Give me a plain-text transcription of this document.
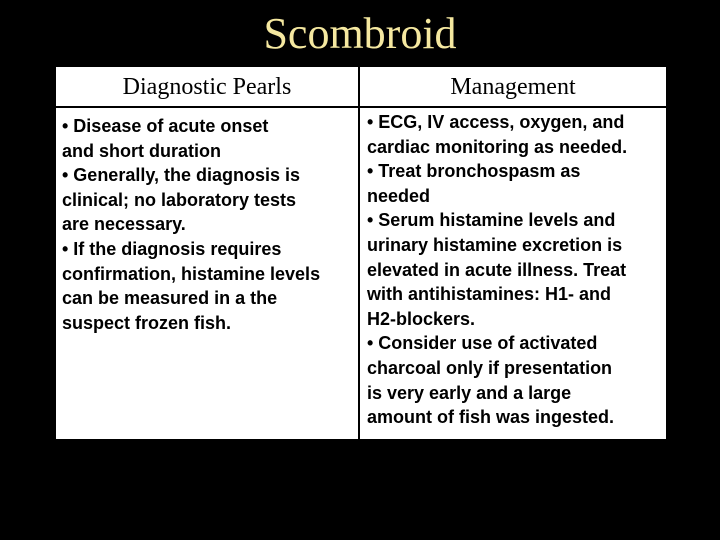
Scombroid
Diagnostic Pearls	Management
• Disease of acute onset
and short duration
• Generally, the diagnosis is
clinical; no laboratory tests
are necessary.
• If the diagnosis requires
confirmation, histamine levels
can be measured in a the
suspect frozen fish.
• ECG, IV access, oxygen, and
cardiac monitoring as needed.
• Treat bronchospasm as
needed
• Serum histamine levels and
urinary histamine excretion is
elevated in acute illness. Treat
with antihistamines: H1- and
H2-blockers.
• Consider use of activated
charcoal only if presentation
is very early and a large
amount of fish was ingested.
